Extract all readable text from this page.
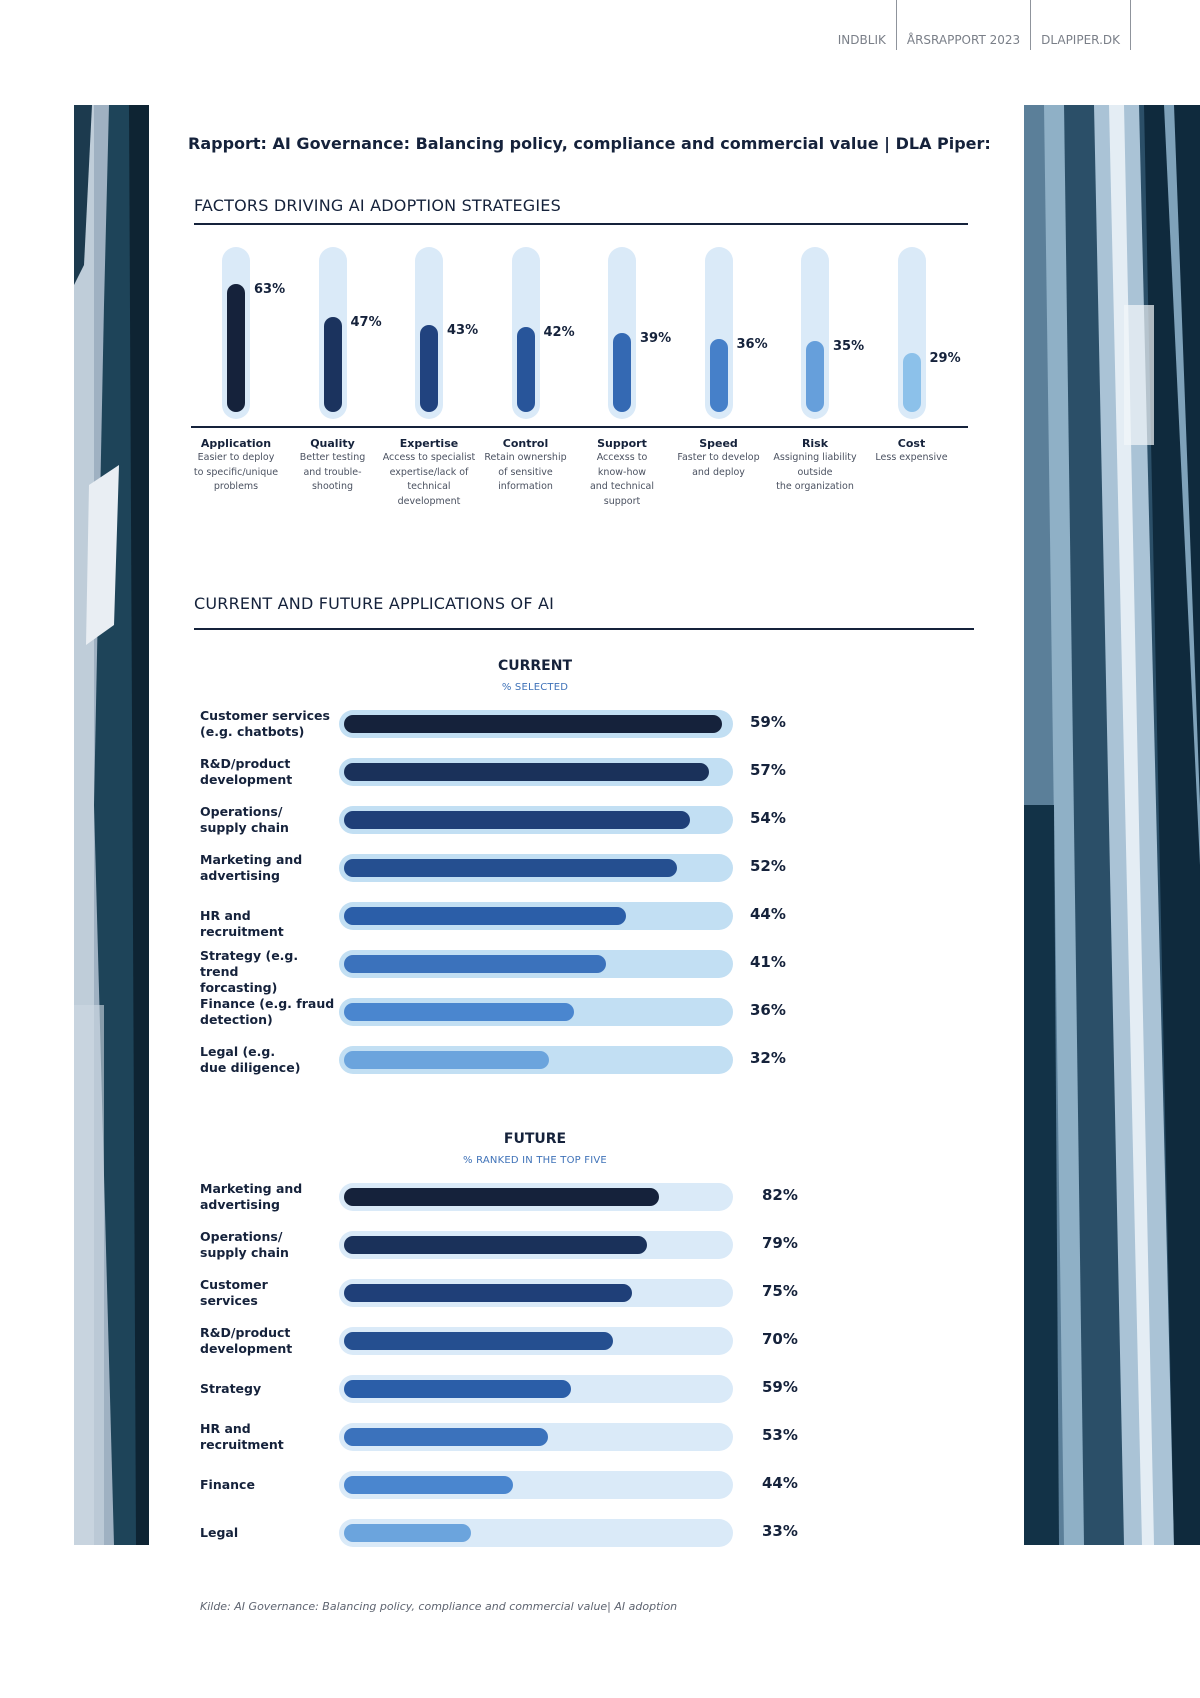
INDBLIK	ÅRSRAPPORT 2023	DLAPIPER.DK
Rapport: AI Governance: Balancing policy, compliance and commercial value | DLA Piper:
FACTORS DRIVING AI ADOPTION STRATEGIES
63%
Application
Easier to deploy
to specific/unique
problems
47%
Quality
Better testing
and trouble-
shooting
43%
Expertise
Access to specialist
expertise/lack of
technical
development
42%
Control
Retain ownership
of sensitive
information
39%
Support
Accexss to
know-how
and technical
support
36%
Speed
Faster to develop
and deploy
35%
Risk
Assigning liability
outside
the organization
29%
Cost
Less expensive
CURRENT AND FUTURE APPLICATIONS OF AI
CURRENT
% SELECTED
Customer services
(e.g. chatbots)
59%
R&D/product
development
57%
Operations/
supply chain
54%
Marketing and
advertising
52%
HR and recruitment
44%
Strategy (e.g. trend
forcasting)
41%
Finance (e.g. fraud
detection)
36%
Legal (e.g.
due diligence)
32%
FUTURE
% RANKED IN THE TOP FIVE
Marketing and
advertising
82%
Operations/
supply chain
79%
Customer
services
75%
R&D/product
development
70%
Strategy	59%
HR and
recruitment
53%
Finance	44%
Legal	33%
Kilde: AI Governance: Balancing policy, compliance and commercial value| AI adoption
